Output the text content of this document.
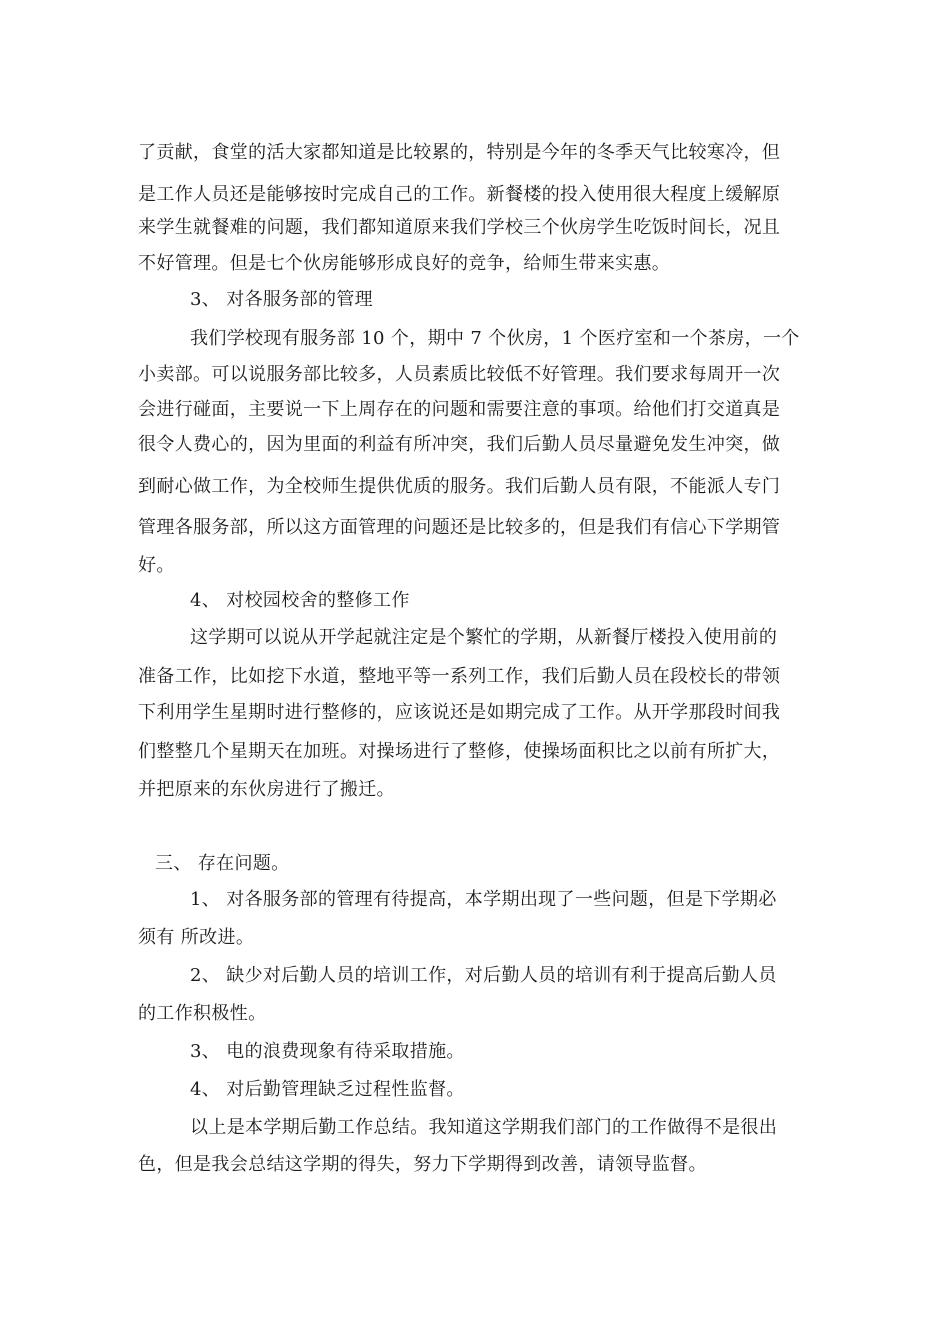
了贡献，食堂的活大家都知道是比较累的，特别是今年的冬季天气比较寒冷，但
是工作人员还是能够按时完成自己的工作。新餐楼的投入使用很大程度上缓解原
来学生就餐难的问题，我们都知道原来我们学校三个伙房学生吃饭时间长，况且
不好管理。但是七个伙房能够形成良好的竞争，给师生带来实惠。
3、 对各服务部的管理
我们学校现有服务部 10 个，期中 7 个伙房，1 个医疗室和一个茶房，一个
小卖部。可以说服务部比较多，人员素质比较低不好管理。我们要求每周开一次
会进行碰面，主要说一下上周存在的问题和需要注意的事项。给他们打交道真是
很令人费心的，因为里面的利益有所冲突，我们后勤人员尽量避免发生冲突，做
到耐心做工作，为全校师生提供优质的服务。我们后勤人员有限，不能派人专门
管理各服务部，所以这方面管理的问题还是比较多的，但是我们有信心下学期管
好。
4、 对校园校舍的整修工作
这学期可以说从开学起就注定是个繁忙的学期，从新餐厅楼投入使用前的
准备工作，比如挖下水道，整地平等一系列工作，我们后勤人员在段校长的带领
下利用学生星期时进行整修的，应该说还是如期完成了工作。从开学那段时间我
们整整几个星期天在加班。对操场进行了整修，使操场面积比之以前有所扩大，
并把原来的东伙房进行了搬迁。
三、 存在问题。
1、 对各服务部的管理有待提高，本学期出现了一些问题，但是下学期必
须有 所改进。
2、 缺少对后勤人员的培训工作，对后勤人员的培训有利于提高后勤人员
的工作积极性。
3、 电的浪费现象有待采取措施。
4、 对后勤管理缺乏过程性监督。
以上是本学期后勤工作总结。我知道这学期我们部门的工作做得不是很出
色，但是我会总结这学期的得失，努力下学期得到改善，请领导监督。
